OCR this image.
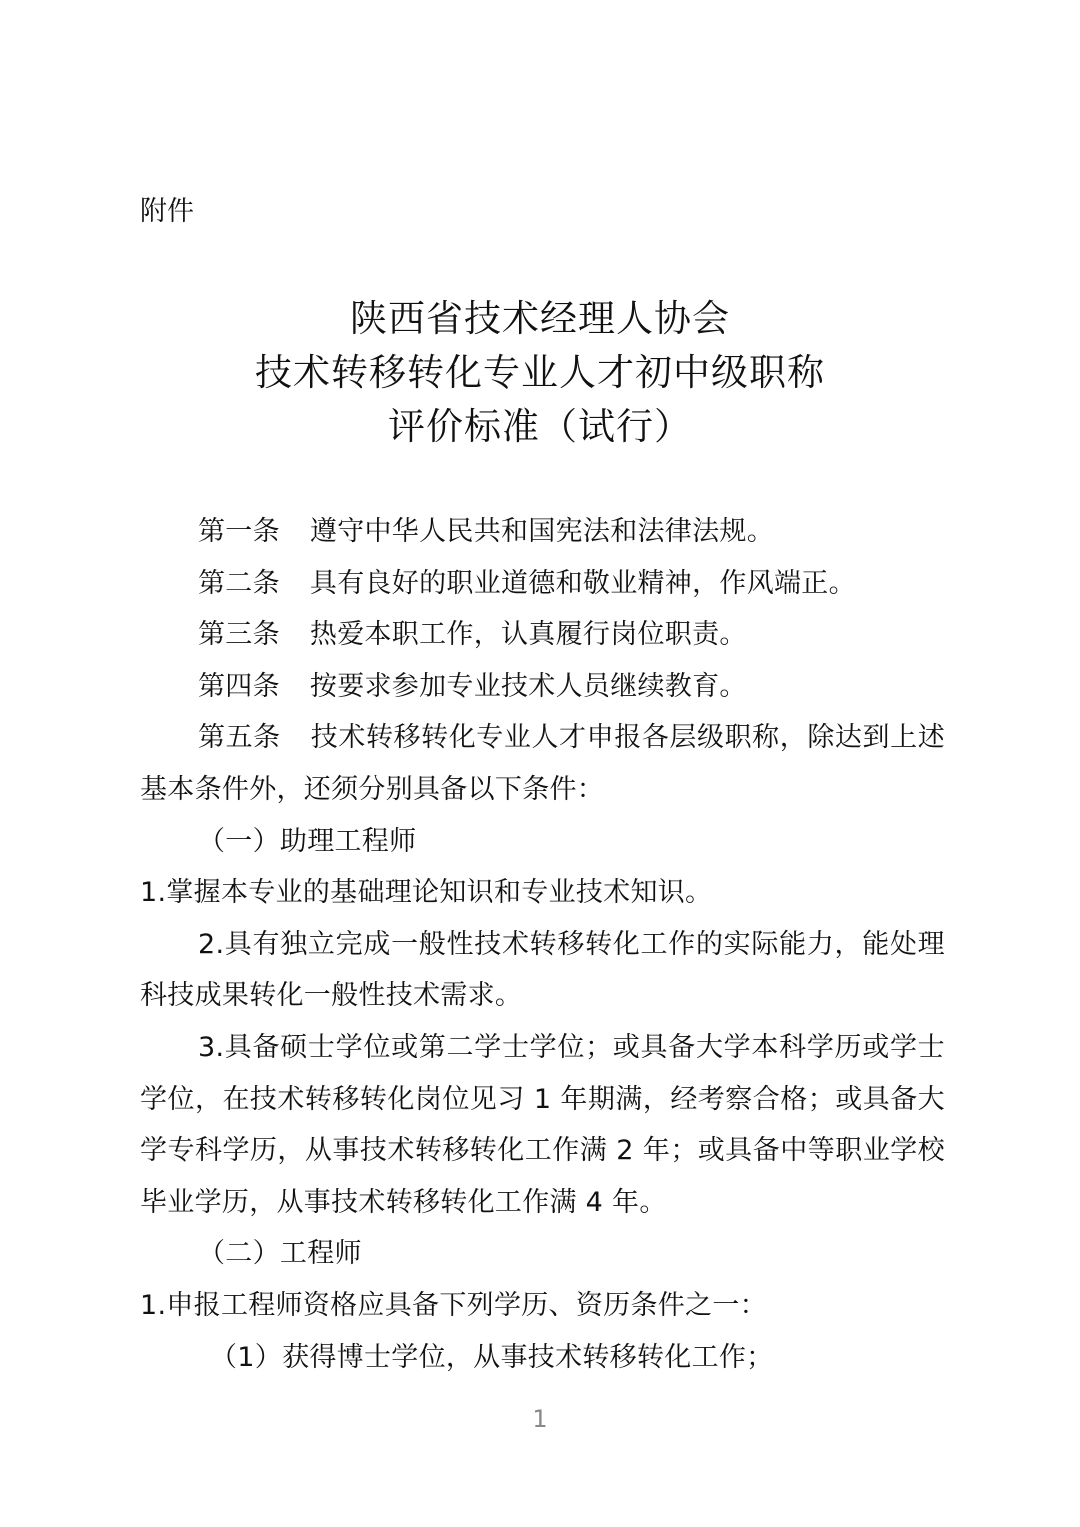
附件
陕西省技术经理人协会
技术转移转化专业人才初中级职称
评价标准（试行）

第一条 遵守中华人民共和国宪法和法律法规。

第二条 具有良好的职业道德和敬业精神，作风端正。

第三条 热爱本职工作，认真履行岗位职责。

第四条 按要求参加专业技术人员继续教育。

第五条 技术转移转化专业人才申报各层级职称，除达到上述基本条件外，还须分别具备以下条件：

（一）助理工程师

1.掌握本专业的基础理论知识和专业技术知识。

2.具有独立完成一般性技术转移转化工作的实际能力，能处理科技成果转化一般性技术需求。

3.具备硕士学位或第二学士学位；或具备大学本科学历或学士学位，在技术转移转化岗位见习 1 年期满，经考察合格；或具备大学专科学历，从事技术转移转化工作满 2 年；或具备中等职业学校毕业学历，从事技术转移转化工作满 4 年。

（二）工程师

1.申报工程师资格应具备下列学历、资历条件之一：

（1）获得博士学位，从事技术转移转化工作；

1
